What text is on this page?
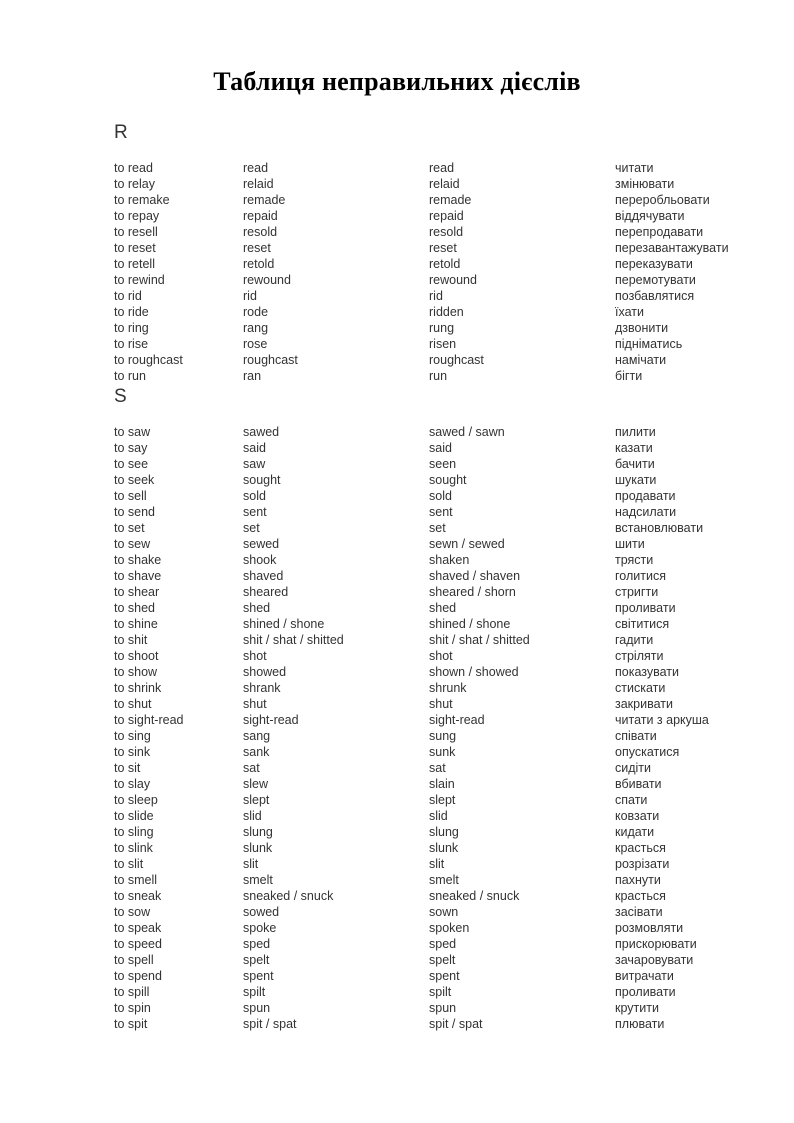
Таблиця неправильних дієслів
R
to read	read	read	читати
to relay	relaid	relaid	змінювати
to remake	remade	remade	переробльовати
to repay	repaid	repaid	віддячувати
to resell	resold	resold	перепродавати
to reset	reset	reset	перезавантажувати
to retell	retold	retold	переказувати
to rewind	rewound	rewound	перемотувати
to rid	rid	rid	позбавлятися
to ride	rode	ridden	їхати
to ring	rang	rung	дзвонити
to rise	rose	risen	підніматись
to roughcast	roughcast	roughcast	намічати
to run	ran	run	бігти
S
to saw	sawed	sawed / sawn	пилити
to say	said	said	казати
to see	saw	seen	бачити
to seek	sought	sought	шукати
to sell	sold	sold	продавати
to send	sent	sent	надсилати
to set	set	set	встановлювати
to sew	sewed	sewn / sewed	шити
to shake	shook	shaken	трясти
to shave	shaved	shaved / shaven	голитися
to shear	sheared	sheared / shorn	стригти
to shed	shed	shed	проливати
to shine	shined / shone	shined / shone	світитися
to shit	shit / shat / shitted	shit / shat / shitted	гадити
to shoot	shot	shot	стріляти
to show	showed	shown / showed	показувати
to shrink	shrank	shrunk	стискати
to shut	shut	shut	закривати
to sight-read	sight-read	sight-read	читати з аркуша
to sing	sang	sung	співати
to sink	sank	sunk	опускатися
to sit	sat	sat	сидіти
to slay	slew	slain	вбивати
to sleep	slept	slept	спати
to slide	slid	slid	ковзати
to sling	slung	slung	кидати
to slink	slunk	slunk	красться
to slit	slit	slit	розрізати
to smell	smelt	smelt	пахнути
to sneak	sneaked / snuck	sneaked / snuck	красться
to sow	sowed	sown	засівати
to speak	spoke	spoken	розмовляти
to speed	sped	sped	прискорювати
to spell	spelt	spelt	зачаровувати
to spend	spent	spent	витрачати
to spill	spilt	spilt	проливати
to spin	spun	spun	крутити
to spit	spit / spat	spit / spat	плювати
